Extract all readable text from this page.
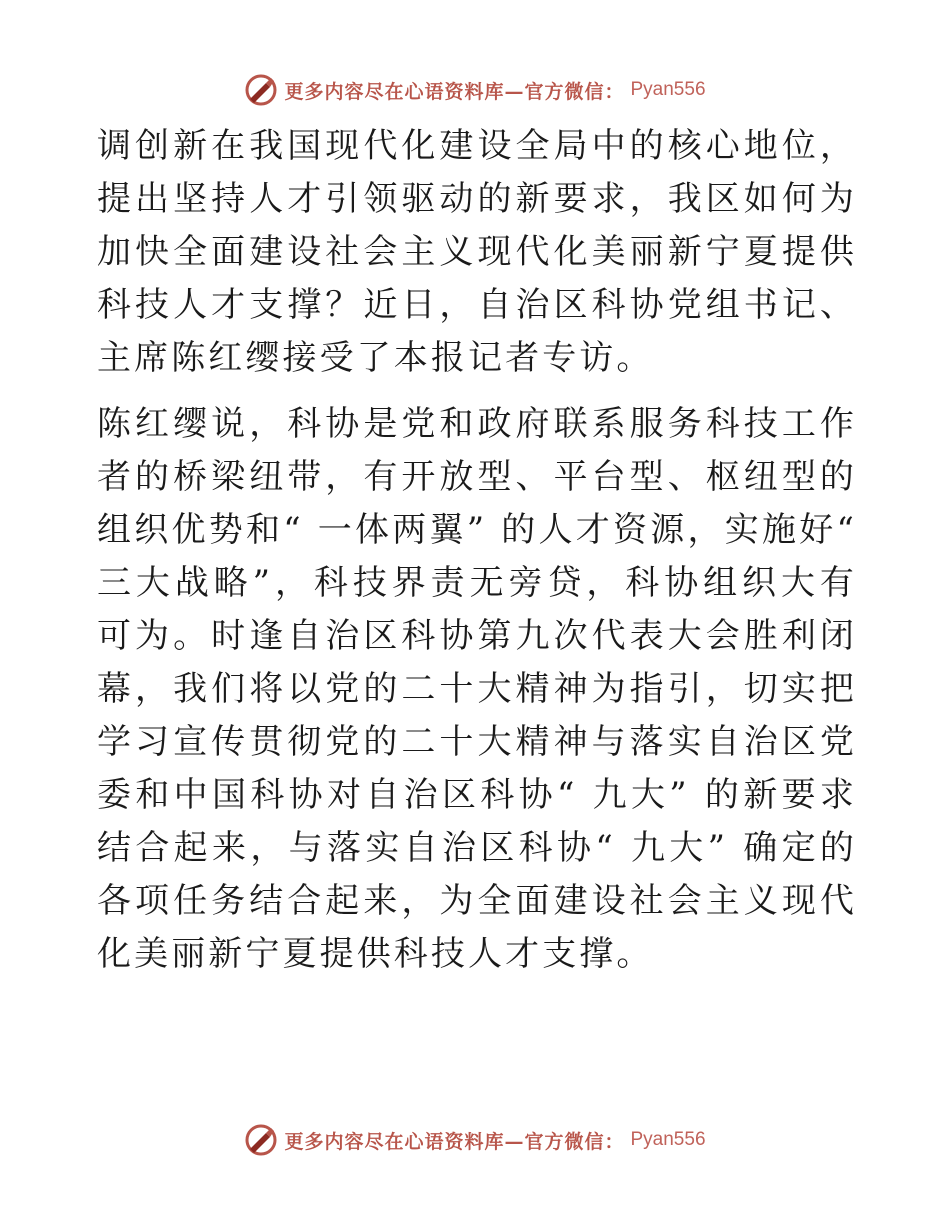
更多内容尽在心语资料库—官方微信： Pyan556

调创新在我国现代化建设全局中的核心地位，提出坚持人才引领驱动的新要求，我区如何为加快全面建设社会主义现代化美丽新宁夏提供科技人才支撑？近日，自治区科协党组书记、主席陈红缨接受了本报记者专访。

陈红缨说，科协是党和政府联系服务科技工作者的桥梁纽带，有开放型、平台型、枢纽型的组织优势和“ 一体两翼” 的人才资源，实施好“ 三大战略”，科技界责无旁贷，科协组织大有可为。时逢自治区科协第九次代表大会胜利闭幕，我们将以党的二十大精神为指引，切实把学习宣传贯彻党的二十大精神与落实自治区党委和中国科协对自治区科协“ 九大” 的新要求结合起来，与落实自治区科协“ 九大” 确定的各项任务结合起来，为全面建设社会主义现代化美丽新宁夏提供科技人才支撑。

更多内容尽在心语资料库—官方微信： Pyan556
